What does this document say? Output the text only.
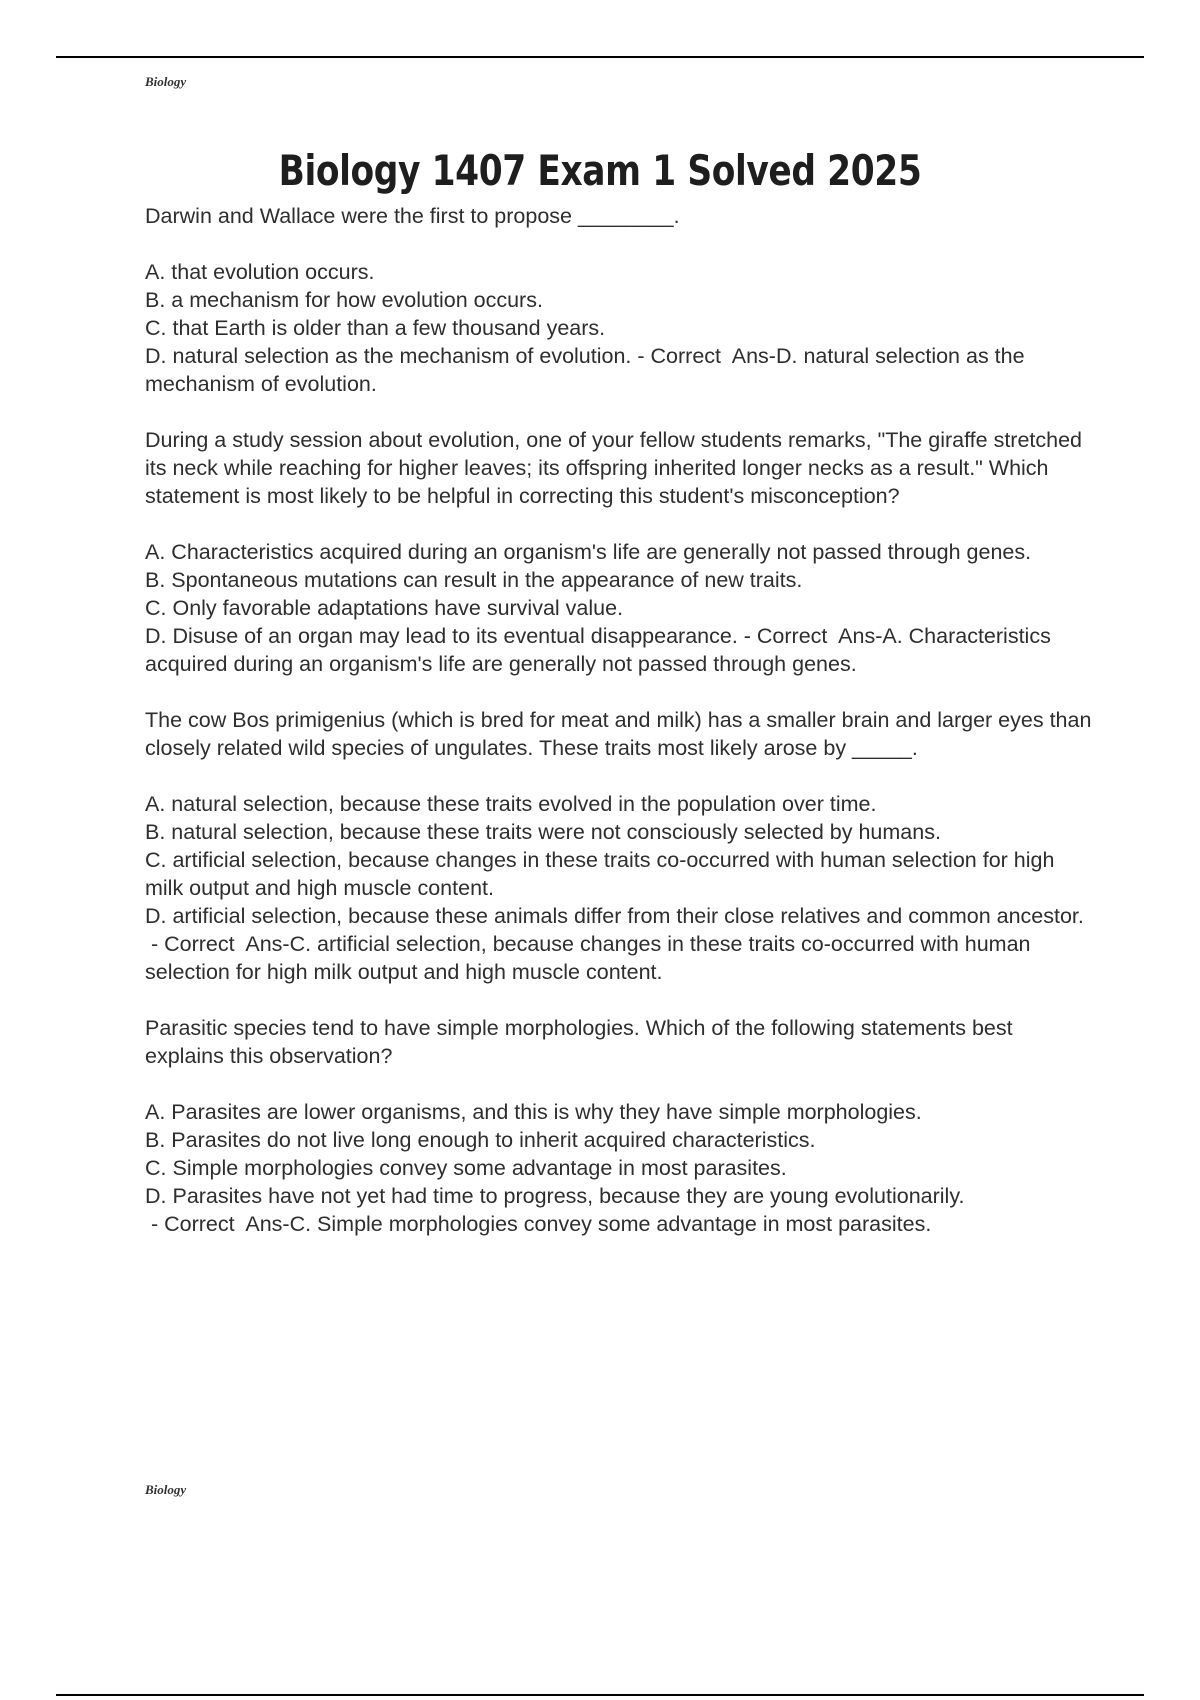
Biology
Biology 1407 Exam 1 Solved 2025

Darwin and Wallace were the first to propose ________.

A. that evolution occurs.

B. a mechanism for how evolution occurs.

C. that Earth is older than a few thousand years.

D. natural selection as the mechanism of evolution. - Correct  Ans-D. natural selection as the mechanism of evolution.

During a study session about evolution, one of your fellow students remarks, "The giraffe stretched its neck while reaching for higher leaves; its offspring inherited longer necks as a result." Which statement is most likely to be helpful in correcting this student's misconception?

A. Characteristics acquired during an organism's life are generally not passed through genes.

B. Spontaneous mutations can result in the appearance of new traits.

C. Only favorable adaptations have survival value.

D. Disuse of an organ may lead to its eventual disappearance. - Correct  Ans-A. Characteristics acquired during an organism's life are generally not passed through genes.

The cow Bos primigenius (which is bred for meat and milk) has a smaller brain and larger eyes than closely related wild species of ungulates. These traits most likely arose by _____.

A. natural selection, because these traits evolved in the population over time.

B. natural selection, because these traits were not consciously selected by humans.

C. artificial selection, because changes in these traits co-occurred with human selection for high milk output and high muscle content.

D. artificial selection, because these animals differ from their close relatives and common ancestor. - Correct  Ans-C. artificial selection, because changes in these traits co-occurred with human selection for high milk output and high muscle content.

Parasitic species tend to have simple morphologies. Which of the following statements best explains this observation?

A. Parasites are lower organisms, and this is why they have simple morphologies.

B. Parasites do not live long enough to inherit acquired characteristics.

C. Simple morphologies convey some advantage in most parasites.

D. Parasites have not yet had time to progress, because they are young evolutionarily. - Correct  Ans-C. Simple morphologies convey some advantage in most parasites.

Biology
